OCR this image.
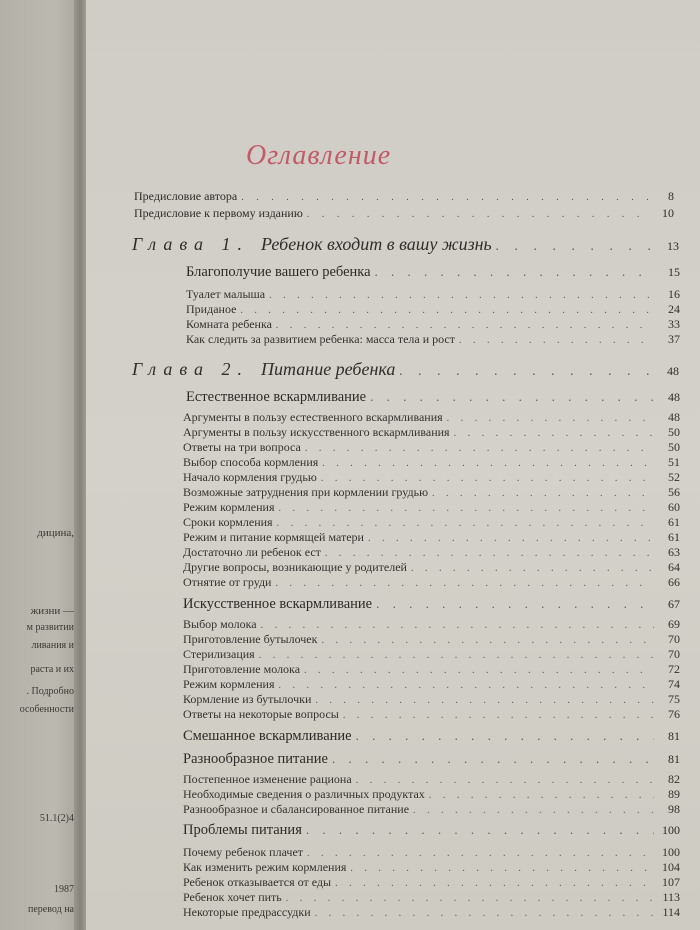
дицина,
жизни —
м развитии
ливания и
раста и их
. Подробно
особенности
51.1(2)4
1987
перевод на
Оглавление
Предисловие автора . . .	8
Предисловие к первому изданию . . .	10
Глава 1. Ребенок входит в вашу жизнь . . .	13
Благополучие вашего ребенка . . .	15
Туалет малыша . . .	16
Приданое . . .	24
Комната ребенка . . .	33
Как следить за развитием ребенка: масса тела и рост . . .	37
Глава 2. Питание ребенка . . .	48
Естественное вскармливание . . .	48
Аргументы в пользу естественного вскармливания . . .	48
Аргументы в пользу искусственного вскармливания . . .	50
Ответы на три вопроса . . .	50
Выбор способа кормления . . .	51
Начало кормления грудью . . .	52
Возможные затруднения при кормлении грудью . . .	56
Режим кормления . . .	60
Сроки кормления . . .	61
Режим и питание кормящей матери . . .	61
Достаточно ли ребенок ест . . .	63
Другие вопросы, возникающие у родителей . . .	64
Отнятие от груди . . .	66
Искусственное вскармливание . . .	67
Выбор молока . . .	69
Приготовление бутылочек . . .	70
Стерилизация . . .	70
Приготовление молока . . .	72
Режим кормления . . .	74
Кормление из бутылочки . . .	75
Ответы на некоторые вопросы . . .	76
Смешанное вскармливание . . .	81
Разнообразное питание . . .	81
Постепенное изменение рациона . . .	82
Необходимые сведения о различных продуктах . . .	89
Разнообразное и сбалансированное питание . . .	98
Проблемы питания . . .	100
Почему ребенок плачет . . .	100
Как изменить режим кормления . . .	104
Ребенок отказывается от еды . . .	107
Ребенок хочет пить . . .	113
Некоторые предрассудки . . .	114
